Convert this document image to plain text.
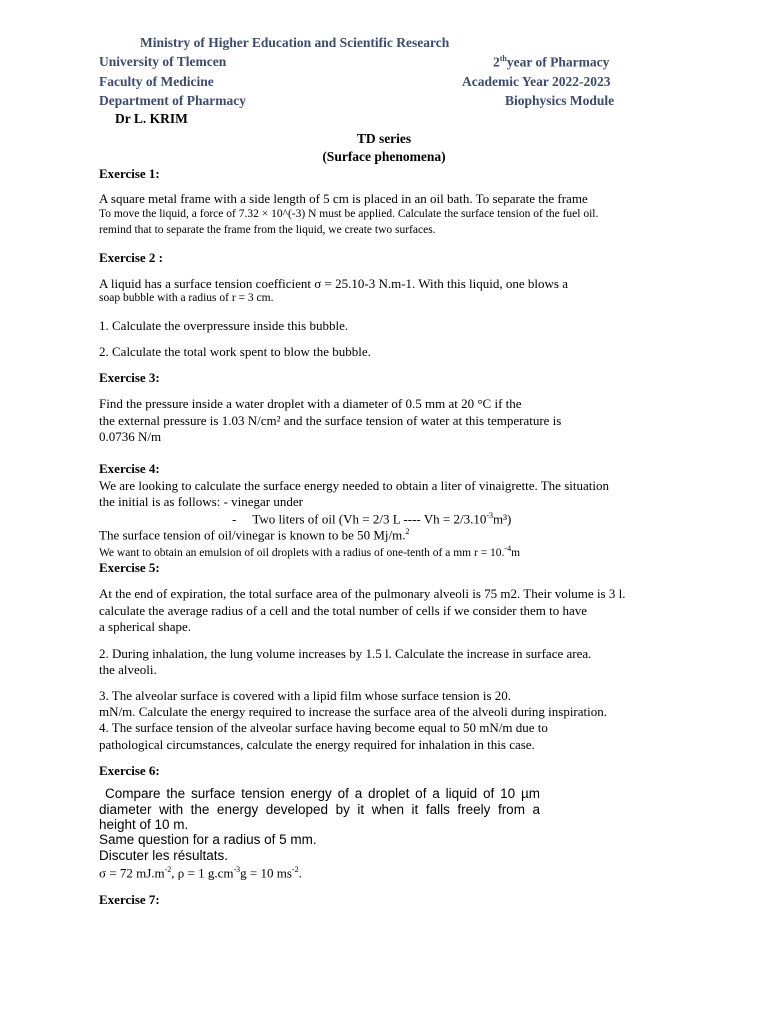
Ministry of Higher Education and Scientific Research
University of Tlemcen	2thyear of Pharmacy
Faculty of Medicine	Academic Year 2022-2023
Department of Pharmacy	Biophysics Module
Dr L. KRIM
TD series
(Surface phenomena)
Exercise 1:
A square metal frame with a side length of 5 cm is placed in an oil bath. To separate the frame
To move the liquid, a force of 7.32 × 10^(-3) N must be applied. Calculate the surface tension of the fuel oil.
remind that to separate the frame from the liquid, we create two surfaces.
Exercise 2 :
A liquid has a surface tension coefficient σ = 25.10-3 N.m-1. With this liquid, one blows a
soap bubble with a radius of r = 3 cm.
1. Calculate the overpressure inside this bubble.
2. Calculate the total work spent to blow the bubble.
Exercise 3:
Find the pressure inside a water droplet with a diameter of 0.5 mm at 20 °C if the
the external pressure is 1.03 N/cm² and the surface tension of water at this temperature is
0.0736 N/m
Exercise 4:
We are looking to calculate the surface energy needed to obtain a liter of vinaigrette. The situation
the initial is as follows: - vinegar under
- Two liters of oil (Vh = 2/3 L ---- $Vh = 2/3.10^{-3}m^3$)
The surface tension of oil/vinegar is known to be 50 Mj/m.$^2$
We want to obtain an emulsion of oil droplets with a radius of one-tenth of a mm r = 10.$^{-4}$m
Exercise 5:
At the end of expiration, the total surface area of the pulmonary alveoli is 75 m2. Their volume is 3 l.
calculate the average radius of a cell and the total number of cells if we consider them to have
a spherical shape.
2. During inhalation, the lung volume increases by 1.5 l. Calculate the increase in surface area.
the alveoli.
3. The alveolar surface is covered with a lipid film whose surface tension is 20.
mN/m. Calculate the energy required to increase the surface area of the alveoli during inspiration.
4. The surface tension of the alveolar surface having become equal to 50 mN/m due to
pathological circumstances, calculate the energy required for inhalation in this case.
Exercise 6:
Compare the surface tension energy of a droplet of a liquid of 10 µm
diameter with the energy developed by it when it falls freely from a
height of 10 m.
Same question for a radius of 5 mm.
Discuter les résultats.
σ = 72 $mJ.m^{-2}$, ρ = 1 $g.cm^{-3}g = 10$ $ms^{-2}$.
Exercise 7:
